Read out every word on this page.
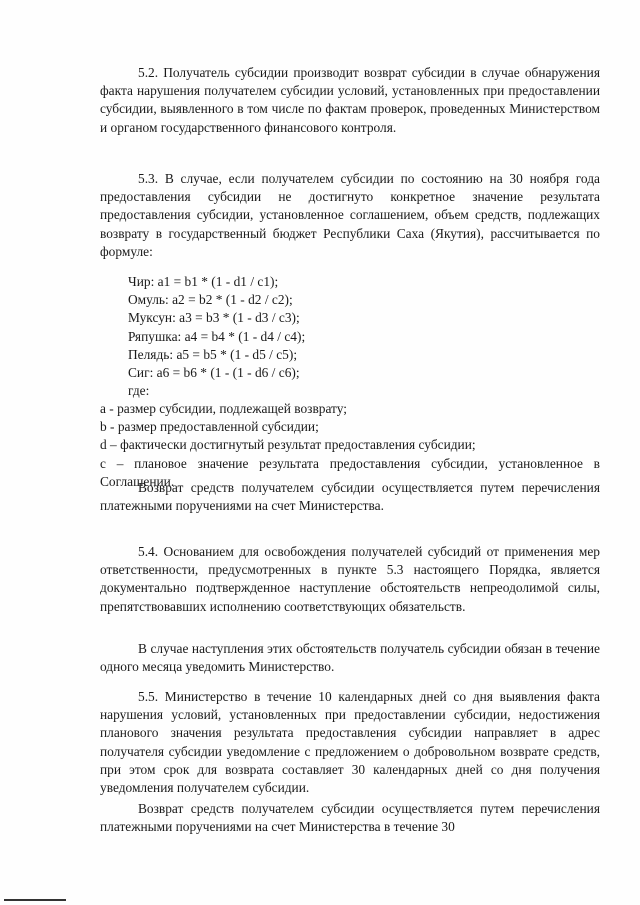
5.2. Получатель субсидии производит возврат субсидии в случае обнаружения факта нарушения получателем субсидии условий, установленных при предоставлении субсидии, выявленного в том числе по фактам проверок, проведенных Министерством и органом государственного финансового контроля.

5.3. В случае, если получателем субсидии по состоянию на 30 ноября года предоставления субсидии не достигнуто конкретное значение результата предоставления субсидии, установленное соглашением, объем средств, подлежащих возврату в государственный бюджет Республики Саха (Якутия), рассчитывается по формуле:

Чир: a1 = b1 * (1 - d1 / c1);
Омуль: a2 = b2 * (1 - d2 / c2);
Муксун: a3 = b3 * (1 - d3 / c3);
Ряпушка: a4 = b4 * (1 - d4 / c4);
Пелядь: a5 = b5 * (1 - d5 / c5);
Сиг: a6 = b6 * (1 - (1 - d6 / c6);
где:
a - размер субсидии, подлежащей возврату;
b - размер предоставленной субсидии;
d – фактически достигнутый результат предоставления субсидии;
c – плановое значение результата предоставления субсидии, установленное в Соглашении.

Возврат средств получателем субсидии осуществляется путем перечисления платежными поручениями на счет Министерства.

5.4. Основанием для освобождения получателей субсидий от применения мер ответственности, предусмотренных в пункте 5.3 настоящего Порядка, является документально подтвержденное наступление обстоятельств непреодолимой силы, препятствовавших исполнению соответствующих обязательств.

В случае наступления этих обстоятельств получатель субсидии обязан в течение одного месяца уведомить Министерство.

5.5. Министерство в течение 10 календарных дней со дня выявления факта нарушения условий, установленных при предоставлении субсидии, недостижения планового значения результата предоставления субсидии направляет в адрес получателя субсидии уведомление с предложением о добровольном возврате средств, при этом срок для возврата составляет 30 календарных дней со дня получения уведомления получателем субсидии.

Возврат средств получателем субсидии осуществляется путем перечисления платежными поручениями на счет Министерства в течение 30
